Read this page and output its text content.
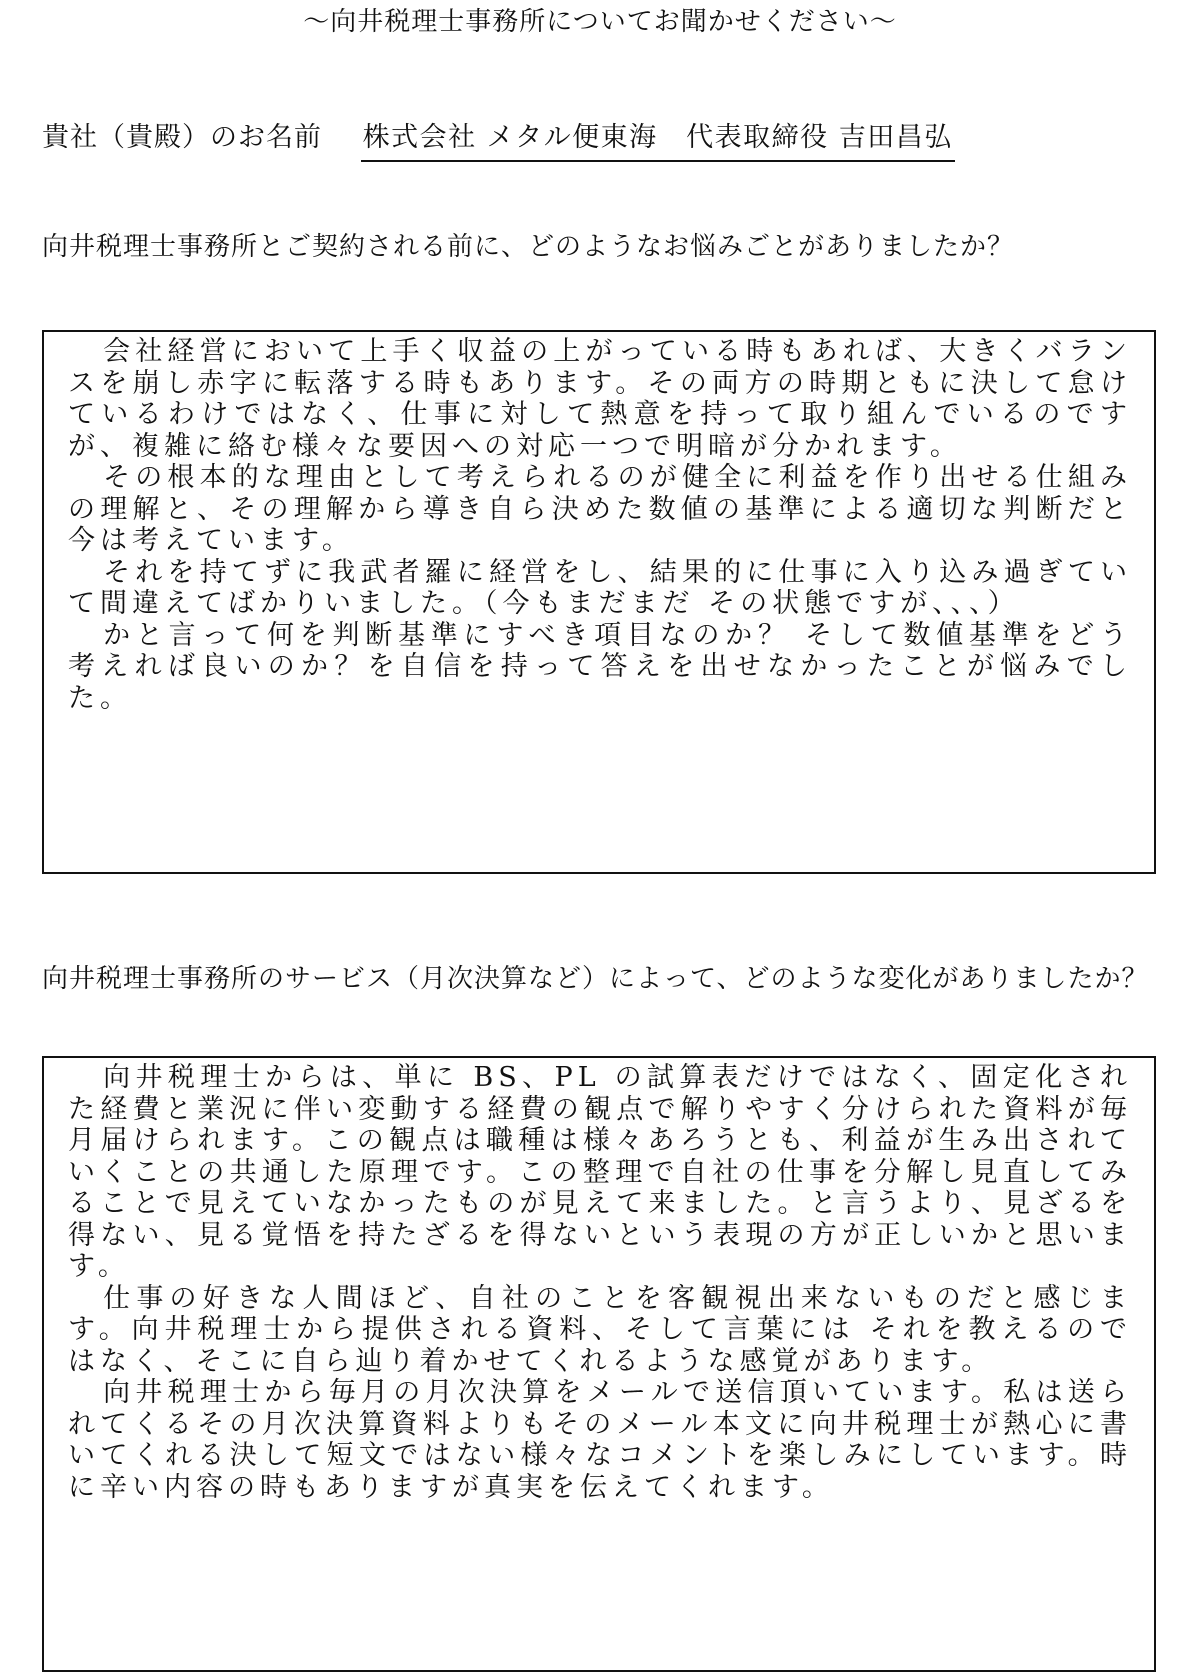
～向井税理士事務所についてお聞かせください～
貴社（貴殿）のお名前 株式会社 メタル便東海　代表取締役 吉田昌弘
向井税理士事務所とご契約される前に、どのようなお悩みごとがありましたか？

会社経営において上手く収益の上がっている時もあれば、大きくバランスを崩し赤字に転落する時もあります。その両方の時期ともに決して怠けているわけではなく、仕事に対して熱意を持って取り組んでいるのですが、複雑に絡む様々な要因への対応一つで明暗が分かれます。

その根本的な理由として考えられるのが健全に利益を作り出せる仕組みの理解と、その理解から導き自ら決めた数値の基準による適切な判断だと今は考えています。

それを持てずに我武者羅に経営をし、結果的に仕事に入り込み過ぎていて間違えてばかりいました。（今もまだまだ その状態ですが、、、）

かと言って何を判断基準にすべき項目なのか？ そして数値基準をどう考えれば良いのか？を自信を持って答えを出せなかったことが悩みでした。

向井税理士事務所のサービス（月次決算など）によって、どのような変化がありましたか？

向井税理士からは、単に BS、PL の試算表だけではなく、固定化された経費と業況に伴い変動する経費の観点で解りやすく分けられた資料が毎月届けられます。この観点は職種は様々あろうとも、利益が生み出されていくことの共通した原理です。この整理で自社の仕事を分解し見直してみることで見えていなかったものが見えて来ました。と言うより、見ざるを得ない、見る覚悟を持たざるを得ないという表現の方が正しいかと思います。

仕事の好きな人間ほど、自社のことを客観視出来ないものだと感じます。向井税理士から提供される資料、そして言葉には それを教えるのではなく、そこに自ら辿り着かせてくれるような感覚があります。

向井税理士から毎月の月次決算をメールで送信頂いています。私は送られてくるその月次決算資料よりもそのメール本文に向井税理士が熱心に書いてくれる決して短文ではない様々なコメントを楽しみにしています。時に辛い内容の時もありますが真実を伝えてくれます。
